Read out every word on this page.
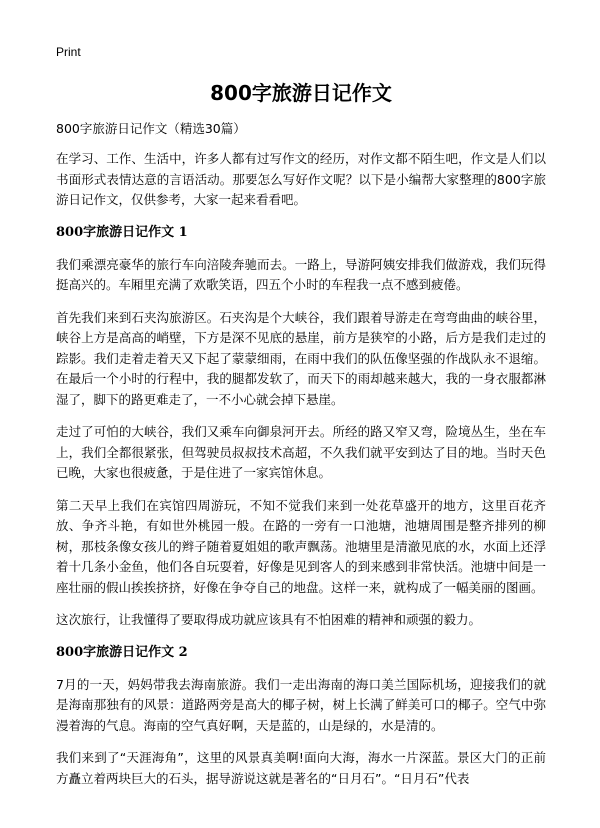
Print
800字旅游日记作文
800字旅游日记作文（精选30篇）

在学习、工作、生活中，许多人都有过写作文的经历，对作文都不陌生吧，作文是人们以书面形式表情达意的言语活动。那要怎么写好作文呢？以下是小编帮大家整理的800字旅游日记作文，仅供参考，大家一起来看看吧。

800字旅游日记作文 1

我们乘漂亮豪华的旅行车向涪陵奔驰而去。一路上，导游阿姨安排我们做游戏，我们玩得挺高兴的。车厢里充满了欢歌笑语，四五个小时的车程我一点不感到疲倦。

首先我们来到石夹沟旅游区。石夹沟是个大峡谷，我们跟着导游走在弯弯曲曲的峡谷里，峡谷上方是高高的峭壁，下方是深不见底的悬崖，前方是狭窄的小路，后方是我们走过的踪影。我们走着走着天又下起了蒙蒙细雨，在雨中我们的队伍像坚强的作战队永不退缩。在最后一个小时的行程中，我的腿都发软了，而天下的雨却越来越大，我的一身衣服都淋湿了，脚下的路更难走了，一不小心就会掉下悬崖。

走过了可怕的大峡谷，我们又乘车向御泉河开去。所经的路又窄又弯，险境丛生，坐在车上，我们全都很紧张，但驾驶员叔叔技术高超，不久我们就平安到达了目的地。当时天色已晚，大家也很疲惫，于是住进了一家宾馆休息。

第二天早上我们在宾馆四周游玩，不知不觉我们来到一处花草盛开的地方，这里百花齐放、争齐斗艳，有如世外桃园一般。在路的一旁有一口池塘，池塘周围是整齐排列的柳树，那枝条像女孩儿的辫子随着夏姐姐的歌声飘荡。池塘里是清澈见底的水，水面上还浮着十几条小金鱼，他们各自玩耍着，好像是见到客人的到来感到非常快活。池塘中间是一座壮丽的假山挨挨挤挤，好像在争夺自己的地盘。这样一来，就构成了一幅美丽的图画。

这次旅行，让我懂得了要取得成功就应该具有不怕困难的精神和顽强的毅力。

800字旅游日记作文 2

7月的一天，妈妈带我去海南旅游。我们一走出海南的海口美兰国际机场，迎接我们的就是海南那独有的风景：道路两旁是高大的椰子树，树上长满了鲜美可口的椰子。空气中弥漫着海的气息。海南的空气真好啊，天是蓝的，山是绿的，水是清的。

我们来到了“天涯海角”，这里的风景真美啊!面向大海，海水一片深蓝。景区大门的正前方矗立着两块巨大的石头，据导游说这就是著名的“日月石”。“日月石”代表
